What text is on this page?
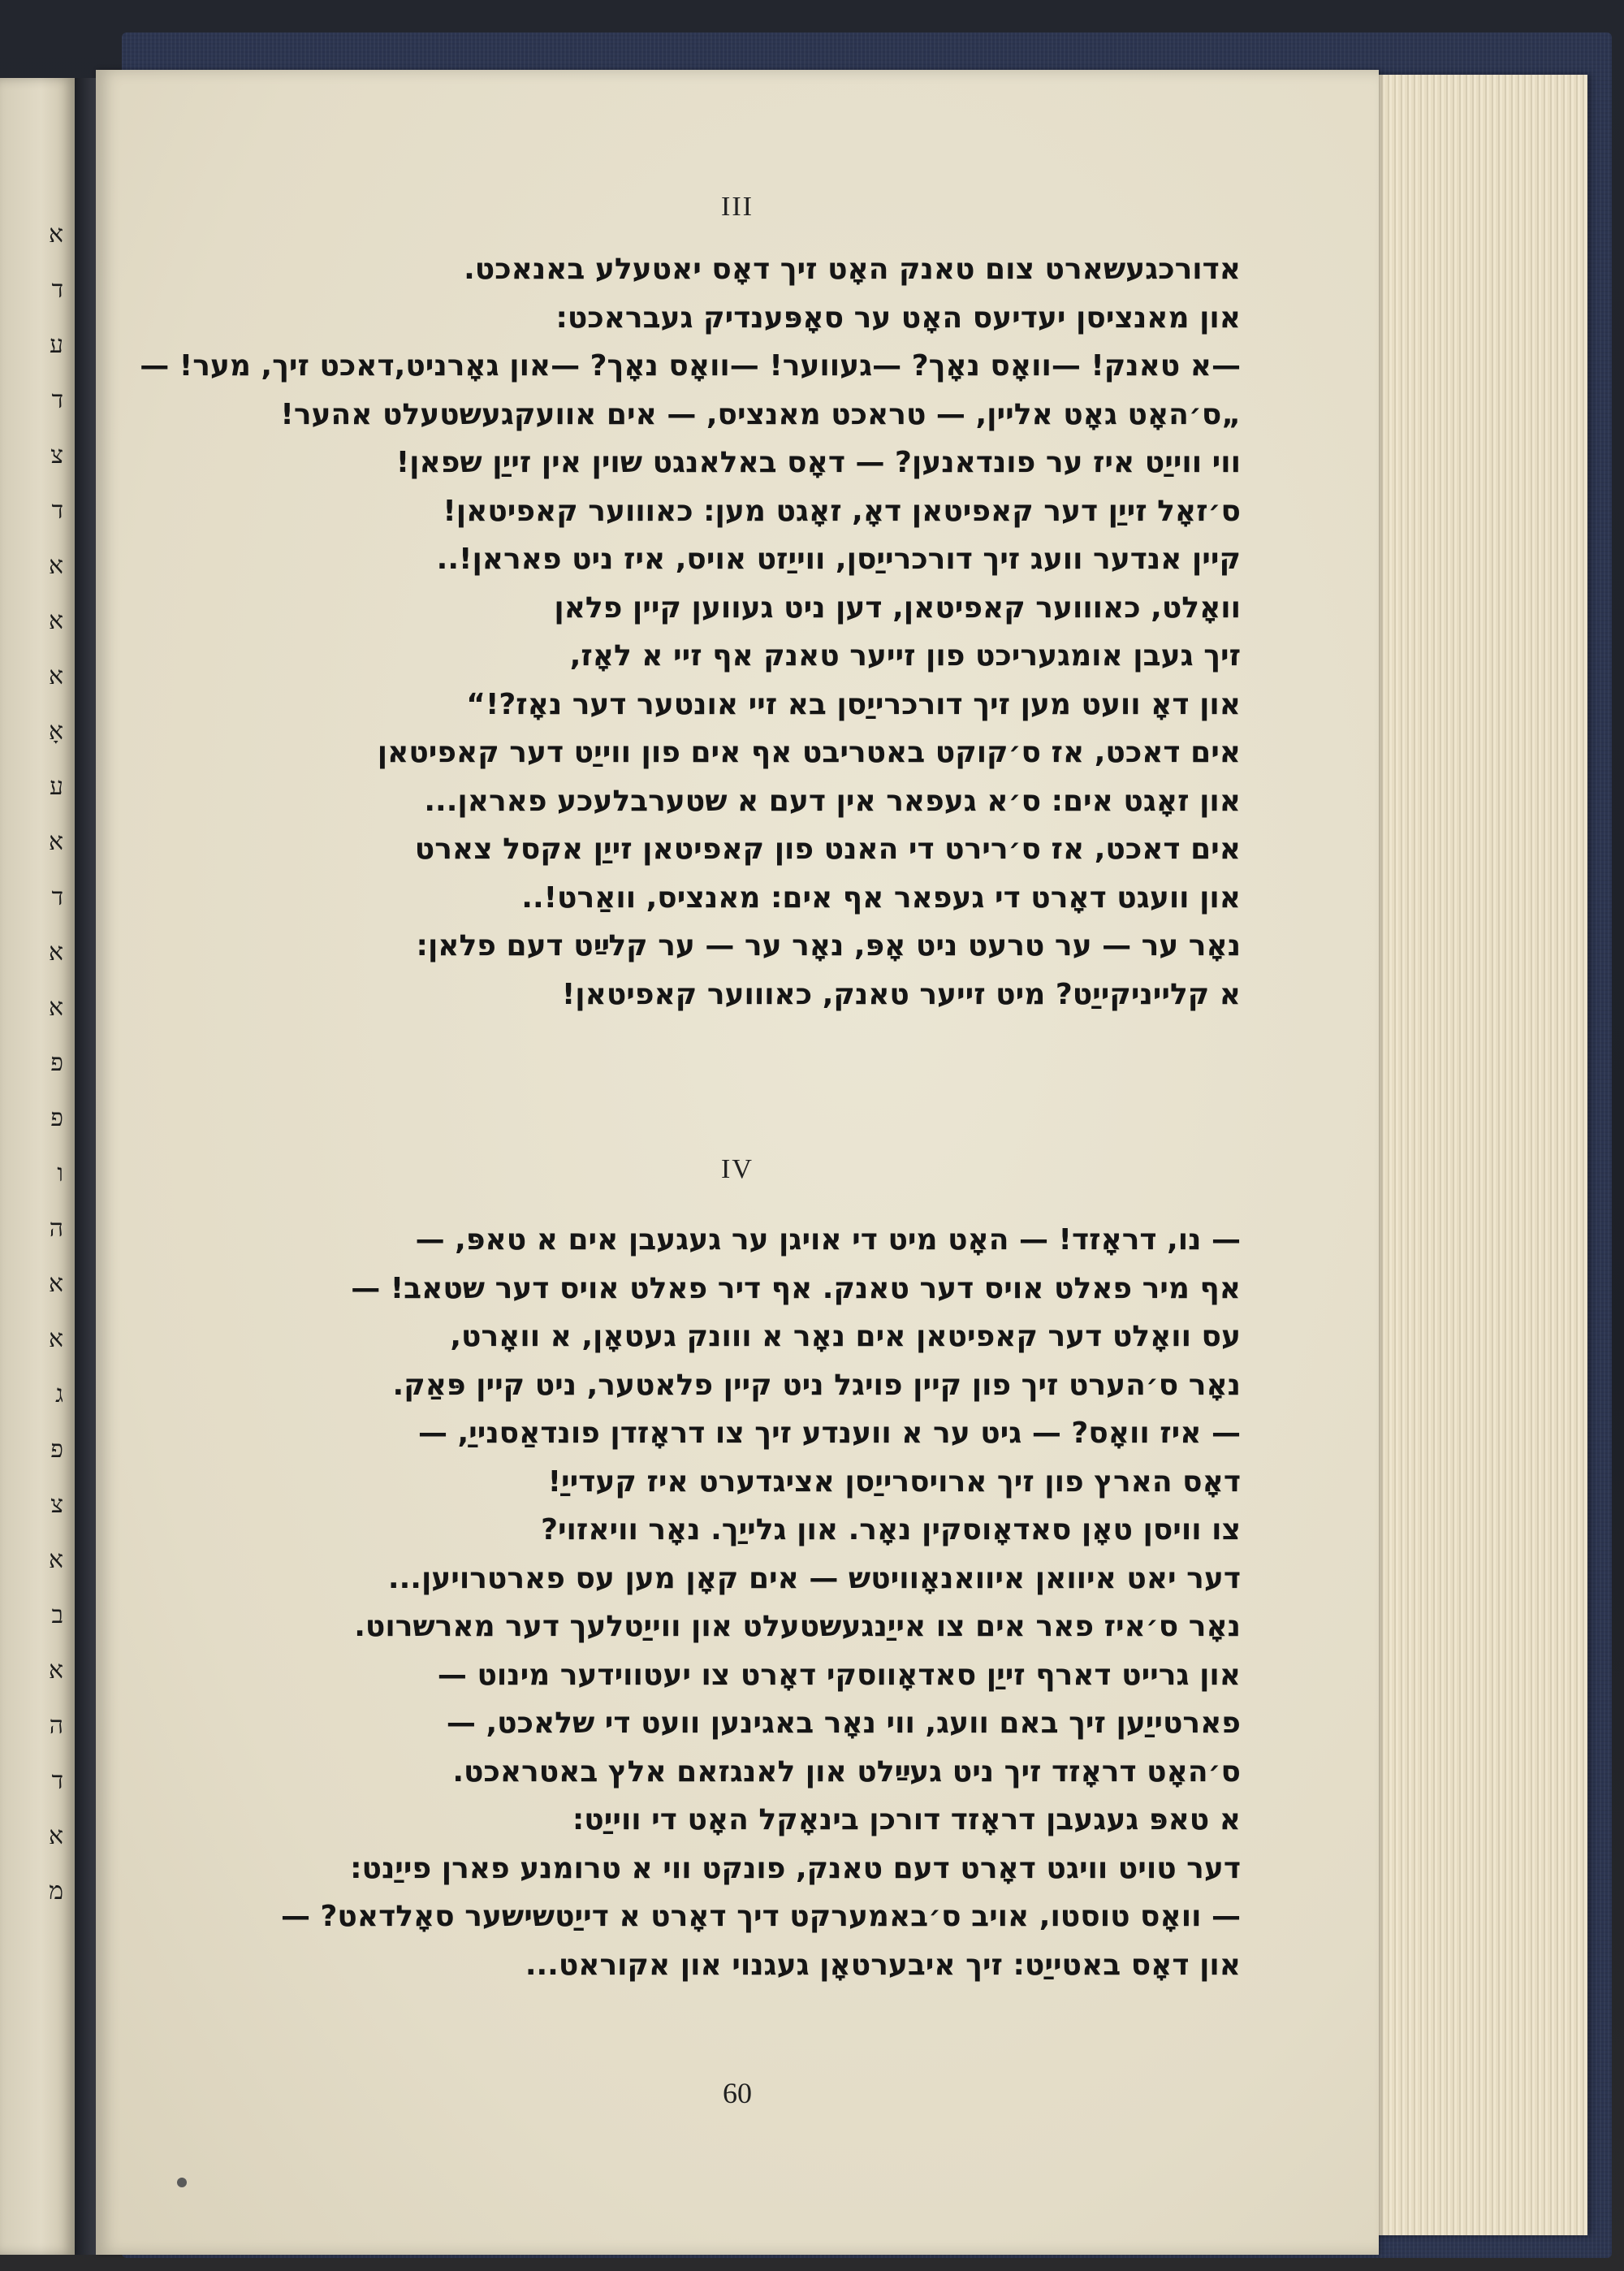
א
ד
ע
ד
צ
ד
א
א
א
אָ
ע
א
ד
א
א
פ
פ
ו
ה
א
א
ג
פ
צ
א
ב
א
ה
ד
א
מ
III
אדורכגעשארט צום טאנק האָט זיך דאָס יאטעלע באנאכט.
און מאנציסן יעדיעס האָט ער סאָפּענדיק געבראכט:
—א טאנק! —וואָס נאָך? —געווער! —וואָס נאָך? —און גאָרניט,דאכט זיך, מער! —
„ס׳האָט גאָט אליין, — טראכט מאנציס, — אים אוועקגעשטעלט אהער!
ווי ווייַט איז ער פונדאנען? — דאָס באלאנגט שוין אין זייַן שפאן!
ס׳זאָל זייַן דער קאפיטאן דאָ, זאָגט מען: כאוווער קאפיטאן!
קיין אנדער וועג זיך דורכרייַסן, ווייַזט אויס, איז ניט פאראן!..
וואָלט, כאוווער קאפיטאן, דען ניט געווען קיין פלאן
זיך געבן אומגעריכט פון זייער טאנק אף זיי א לאָז,
און דאָ וועט מען זיך דורכרייַסן בא זיי אונטער דער נאָז?!“
אים דאכט, אז ס׳קוקט באטריבט אף אים פון ווייַט דער קאפיטאן
און זאָגט אים: ס׳א געפאר אין דעם א שטערבלעכע פאראן...
אים דאכט, אז ס׳רירט די האנט פון קאפיטאן זייַן אקסל צארט
און וועגט דאָרט די געפאר אף אים: מאנציס, וואַרט!..
נאָר ער — ער טרעט ניט אָפּ, נאָר ער — ער קלײַט דעם פלאן:
א קלייניקייַט? מיט זייער טאנק, כאוווער קאפיטאן!
IV
— נו, דראָזד! — האָט מיט די אויגן ער געגעבן אים א טאפּ, —
אף מיר פאלט אויס דער טאנק. אף דיר פאלט אויס דער שטאב! —
עס וואָלט דער קאפיטאן אים נאָר א ווונק געטאָן, א וואָרט,
נאָר ס׳הערט זיך פון קיין פויגל ניט קיין פלאטער, ניט קיין פּאַק.
— איז וואָס? — גיט ער א ווענדע זיך צו דראָזדן פונדאַסנייַ, —
דאָס הארץ פון זיך ארויסרייַסן אציגדערט איז קעדייַ!
צו וויסן טאָן סאדאָוסקין נאָר. און גלייַך. נאָר וויאזוי?
דער יאט איוואן איוואנאָוויטש — אים קאָן מען עס פארטרויען...
נאָר ס׳איז פאר אים צו אייַנגעשטעלט און ווייַטלעך דער מארשרוט.
און גרייט דארף זייַן סאדאָווסקי דאָרט צו יעטווידער מינוט —
פארטייַען זיך באם וועג, ווי נאָר באגינען וועט די שלאכט, —
ס׳האָט דראָזד זיך ניט געײַלט און לאנגזאם אלץ באטראכט.
א טאפּ געגעבן דראָזד דורכן בינאָקל האָט די ווייַט:
דער טויט וויגט דאָרט דעם טאנק, פונקט ווי א טרומנע פארן פייַנט:
— וואָס טוסטו, אויב ס׳באמערקט דיך דאָרט א דייַטשישער סאָלדאט? —
און דאָס באטייַט: זיך איבערטאָן געגנוי און אקוראט...
60
